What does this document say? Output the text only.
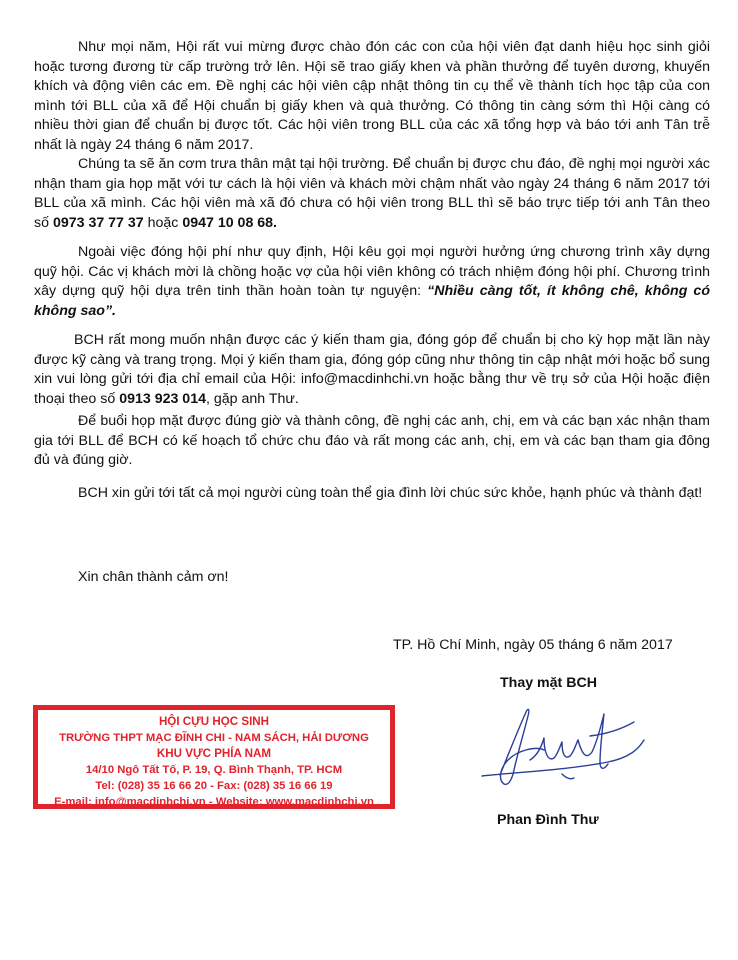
Như mọi năm, Hội rất vui mừng được chào đón các con của hội viên đạt danh hiệu học sinh giỏi hoặc tương đương từ cấp trường trở lên. Hội sẽ trao giấy khen và phần thưởng để tuyên dương, khuyến khích và động viên các em. Đề nghị các hội viên cập nhật thông tin cụ thể về thành tích học tập của con mình tới BLL của xã để Hội chuẩn bị giấy khen và quà thưởng. Có thông tin càng sớm thì Hội càng có nhiều thời gian để chuẩn bị được tốt. Các hội viên trong BLL của các xã tổng hợp và báo tới anh Tân trễ nhất là ngày 24 tháng 6 năm 2017.

Chúng ta sẽ ăn cơm trưa thân mật tại hội trường. Để chuẩn bị được chu đáo, đề nghị mọi người xác nhận tham gia họp mặt với tư cách là hội viên và khách mời chậm nhất vào ngày 24 tháng 6 năm 2017 tới BLL của xã mình. Các hội viên mà xã đó chưa có hội viên trong BLL thì sẽ báo trực tiếp tới anh Tân theo số 0973 37 77 37 hoặc 0947 10 08 68.

Ngoài việc đóng hội phí như quy định, Hội kêu gọi mọi người hưởng ứng chương trình xây dựng quỹ hội. Các vị khách mời là chồng hoặc vợ của hội viên không có trách nhiệm đóng hội phí. Chương trình xây dựng quỹ hội dựa trên tinh thần hoàn toàn tự nguyện: “Nhiều càng tốt, ít không chê, không có không sao”.

BCH rất mong muốn nhận được các ý kiến tham gia, đóng góp để chuẩn bị cho kỳ họp mặt lần này được kỹ càng và trang trọng. Mọi ý kiến tham gia, đóng góp cũng như thông tin cập nhật mới hoặc bổ sung xin vui lòng gửi tới địa chỉ email của Hội: info@macdinhchi.vn hoặc bằng thư về trụ sở của Hội hoặc điện thoại theo số 0913 923 014, gặp anh Thư.

Để buổi họp mặt được đúng giờ và thành công, đề nghị các anh, chị, em và các bạn xác nhận tham gia tới BLL để BCH có kế hoạch tổ chức chu đáo và rất mong các anh, chị, em và các bạn tham gia đông đủ và đúng giờ.

BCH xin gửi tới tất cả mọi người cùng toàn thể gia đình lời chúc sức khỏe, hạnh phúc và thành đạt!

Xin chân thành cảm ơn!

TP. Hồ Chí Minh, ngày 05 tháng 6 năm 2017

Thay mặt BCH

Phan Đình Thư

HỘI CỰU HỌC SINH
TRƯỜNG THPT MẠC ĐĨNH CHI - NAM SÁCH, HẢI DƯƠNG
KHU VỰC PHÍA NAM
14/10 Ngô Tất Tố, P. 19, Q. Bình Thạnh, TP. HCM
Tel: (028) 35 16 66 20 - Fax: (028) 35 16 66 19
E-mail: info@macdinhchi.vn - Website: www.macdinhchi.vn
